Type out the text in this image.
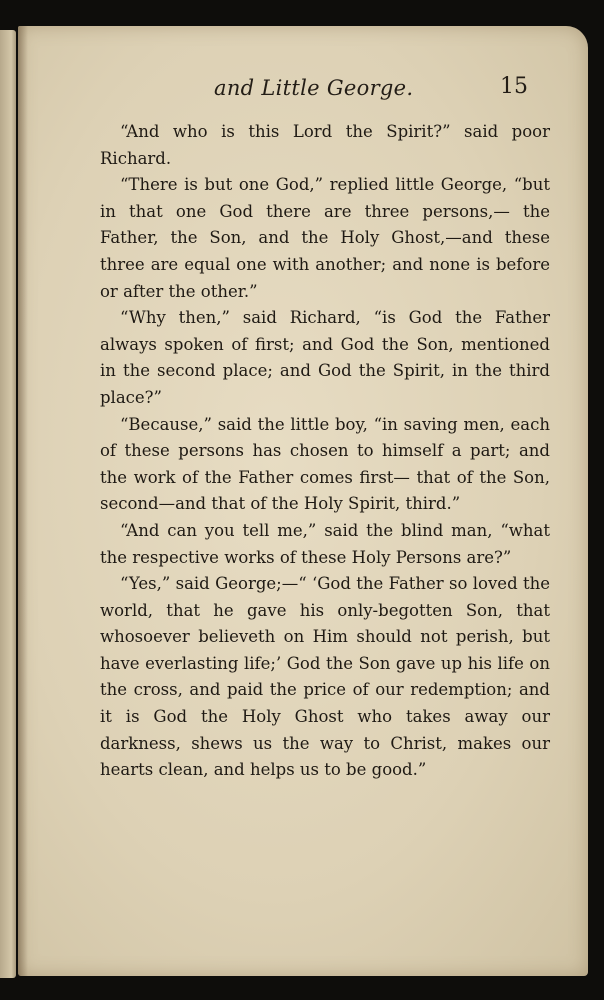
and Little George.	15

“And who is this Lord the Spirit?” said poor Richard.

“There is but one God,” replied little George, “but in that one God there are three persons,— the Father, the Son, and the Holy Ghost,—and these three are equal one with another; and none is before or after the other.”

“Why then,” said Richard, “is God the Father always spoken of first; and God the Son, mentioned in the second place; and God the Spirit, in the third place?”

“Because,” said the little boy, “in saving men, each of these persons has chosen to himself a part; and the work of the Father comes first— that of the Son, second—and that of the Holy Spirit, third.”

“And can you tell me,” said the blind man, “what the respective works of these Holy Persons are?”

“Yes,” said George;—“ ‘God the Father so loved the world, that he gave his only-begotten Son, that whosoever believeth on Him should not perish, but have everlasting life;’ God the Son gave up his life on the cross, and paid the price of our redemption; and it is God the Holy Ghost who takes away our darkness, shews us the way to Christ, makes our hearts clean, and helps us to be good.”
